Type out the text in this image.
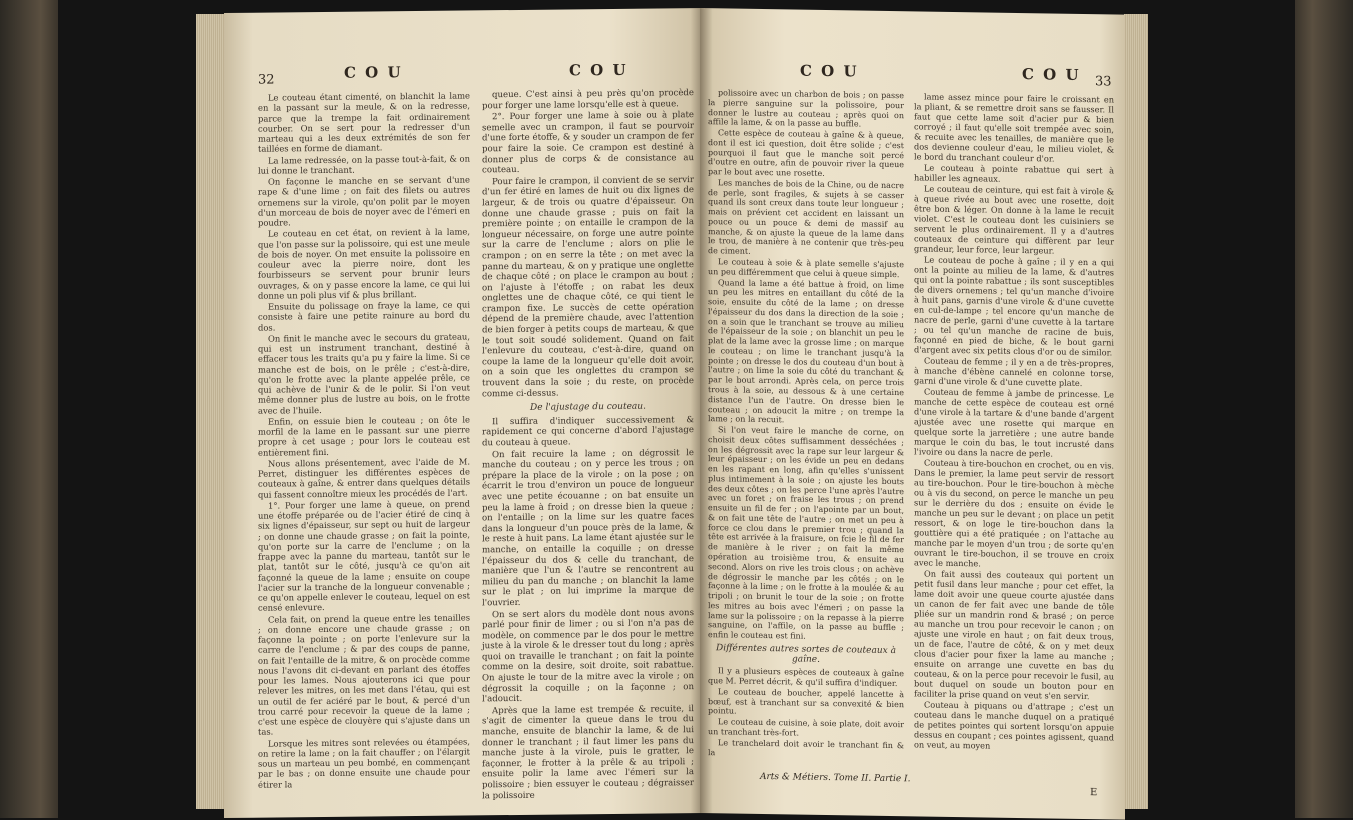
32	C O U	C O U

Le couteau étant cimenté, on blanchit la lame en la passant sur la meule, & on la redresse, parce que la trempe la fait ordinairement courber. On se sert pour la redresser d'un marteau qui a les deux extrémités de son fer taillées en forme de diamant.

La lame redressée, on la passe tout-à-fait, & on lui donne le tranchant.

On façonne le manche en se servant d'une rape & d'une lime ; on fait des filets ou autres ornemens sur la virole, qu'on polit par le moyen d'un morceau de bois de noyer avec de l'émeri en poudre.

Le couteau en cet état, on revient à la lame, que l'on passe sur la polissoire, qui est une meule de bois de noyer. On met ensuite la polissoire en couleur avec la pierre noire, dont les fourbisseurs se servent pour brunir leurs ouvrages, & on y passe encore la lame, ce qui lui donne un poli plus vif & plus brillant.

Ensuite du polissage on fraye la lame, ce qui consiste à faire une petite rainure au bord du dos.

On finit le manche avec le secours du grateau, qui est un instrument tranchant, destiné à effacer tous les traits qu'a pu y faire la lime. Si ce manche est de bois, on le prêle ; c'est-à-dire, qu'on le frotte avec la plante appelée prêle, ce qui achève de l'unir & de le polir. Si l'on veut même donner plus de lustre au bois, on le frotte avec de l'huile.

Enfin, on essuie bien le couteau ; on ôte le morfil de la lame en le passant sur une pierre propre à cet usage ; pour lors le couteau est entièrement fini.

Nous allons présentement, avec l'aide de M. Perret, distinguer les différentes espèces de couteaux à gaîne, & entrer dans quelques détails qui fassent connoître mieux les procédés de l'art.

1°. Pour forger une lame à queue, on prend une étoffe préparée ou de l'acier étiré de cinq à six lignes d'épaisseur, sur sept ou huit de largeur ; on donne une chaude grasse ; on fait la pointe, qu'on porte sur la carre de l'enclume ; on la frappe avec la panne du marteau, tantôt sur le plat, tantôt sur le côté, jusqu'à ce qu'on ait façonné la queue de la lame ; ensuite on coupe l'acier sur la tranche de la longueur convenable ; ce qu'on appelle enlever le couteau, lequel on est censé enlevure.

Cela fait, on prend la queue entre les tenailles ; on donne encore une chaude grasse ; on façonne la pointe ; on porte l'enlevure sur la carre de l'enclume ; & par des coups de panne, on fait l'entaille de la mitre, & on procède comme nous l'avons dit ci-devant en parlant des étoffes pour les lames. Nous ajouterons ici que pour relever les mitres, on les met dans l'étau, qui est un outil de fer aciéré par le bout, & percé d'un trou carré pour recevoir la queue de la lame ; c'est une espèce de clouyère qui s'ajuste dans un tas.

Lorsque les mitres sont relevées ou étampées, on retire la lame ; on la fait chauffer ; on l'élargit sous un marteau un peu bombé, en commençant par le bas ; on donne ensuite une chaude pour étirer la

queue. C'est ainsi à peu près qu'on procède pour forger une lame lorsqu'elle est à queue.

2°. Pour forger une lame à soie ou à plate semelle avec un crampon, il faut se pourvoir d'une forte étoffe, & y souder un crampon de fer pour faire la soie. Ce crampon est destiné à donner plus de corps & de consistance au couteau.

Pour faire le crampon, il convient de se servir d'un fer étiré en lames de huit ou dix lignes de largeur, & de trois ou quatre d'épaisseur. On donne une chaude grasse ; puis on fait la première pointe ; on entaille le crampon de la longueur nécessaire, on forge une autre pointe sur la carre de l'enclume ; alors on plie le crampon ; on en serre la tête ; on met avec la panne du marteau, & on y pratique une onglette de chaque côté ; on place le crampon au bout ; on l'ajuste à l'étoffe ; on rabat les deux onglettes une de chaque côté, ce qui tient le crampon fixe. Le succès de cette opération dépend de la première chaude, avec l'attention de bien forger à petits coups de marteau, & que le tout soit soudé solidement. Quand on fait l'enlevure du couteau, c'est-à-dire, quand on coupe la lame de la longueur qu'elle doit avoir, on a soin que les onglettes du crampon se trouvent dans la soie ; du reste, on procède comme ci-dessus.

De l'ajustage du couteau.

Il suffira d'indiquer successivement & rapidement ce qui concerne d'abord l'ajustage du couteau à queue.

On fait recuire la lame ; on dégrossit le manche du couteau ; on y perce les trous ; on prépare la place de la virole ; on la pose ; on écarrit le trou d'environ un pouce de longueur avec une petite écouanne ; on bat ensuite un peu la lame à froid ; on dresse bien la queue ; on l'entaille ; on la lime sur les quatre faces dans la longueur d'un pouce près de la lame, & le reste à huit pans. La lame étant ajustée sur le manche, on entaille la coquille ; on dresse l'épaisseur du dos & celle du tranchant, de manière que l'un & l'autre se rencontrent au milieu du pan du manche ; on blanchit la lame sur le plat ; on lui imprime la marque de l'ouvrier.

On se sert alors du modèle dont nous avons parlé pour finir de limer ; ou si l'on n'a pas de modèle, on commence par le dos pour le mettre juste à la virole & le dresser tout du long ; après quoi on travaille le tranchant ; on fait la pointe comme on la desire, soit droite, soit rabattue. On ajuste le tour de la mitre avec la virole ; on dégrossit la coquille ; on la façonne ; on l'adoucit.

Après que la lame est trempée & recuite, il s'agit de cimenter la queue dans le trou du manche, ensuite de blanchir la lame, & de lui donner le tranchant ; il faut limer les pans du manche juste à la virole, puis le gratter, le façonner, le frotter à la prêle & au tripoli ; ensuite polir la lame avec l'émeri sur la polissoire ; bien essuyer le couteau ; dégraisser la polissoire

C O U	C O U 33

polissoire avec un charbon de bois ; on passe la pierre sanguine sur la polissoire, pour donner le lustre au couteau ; après quoi on affile la lame, & on la passe au buffle.

Cette espèce de couteau à gaîne & à queue, dont il est ici question, doit être solide ; c'est pourquoi il faut que le manche soit percé d'outre en outre, afin de pouvoir river la queue par le bout avec une rosette.

Les manches de bois de la Chine, ou de nacre de perle, sont fragiles, & sujets à se casser quand ils sont creux dans toute leur longueur ; mais on prévient cet accident en laissant un pouce ou un pouce & demi de massif au manche, & on ajuste la queue de la lame dans le trou, de manière à ne contenir que très-peu de ciment.

Le couteau à soie & à plate semelle s'ajuste un peu différemment que celui à queue simple.

Quand la lame a été battue à froid, on lime un peu les mitres en entaillant du côté de la soie, ensuite du côté de la lame ; on dresse l'épaisseur du dos dans la direction de la soie ; on a soin que le tranchant se trouve au milieu de l'épaisseur de la soie ; on blanchit un peu le plat de la lame avec la grosse lime ; on marque le couteau ; on lime le tranchant jusqu'à la pointe ; on dresse le dos du couteau d'un bout à l'autre ; on lime la soie du côté du tranchant & par le bout arrondi. Après cela, on perce trois trous à la soie, au dessous & à une certaine distance l'un de l'autre. On dresse bien le couteau ; on adoucit la mitre ; on trempe la lame ; on la recuit.

Si l'on veut faire le manche de corne, on choisit deux côtes suffisamment desséchées ; on les dégrossit avec la rape sur leur largeur & leur épaisseur ; on les évide un peu en dedans en les rapant en long, afin qu'elles s'unissent plus intimement à la soie ; on ajuste les bouts des deux côtes ; on les perce l'une après l'autre avec un foret ; on fraise les trous ; on prend ensuite un fil de fer ; on l'apointe par un bout, & on fait une tête de l'autre ; on met un peu à force ce clou dans le premier trou ; quand la tête est arrivée à la fraisure, on fcie le fil de fer de manière à le river ; on fait la même opération au troisième trou, & ensuite au second. Alors on rive les trois clous ; on achève de dégrossir le manche par les côtés ; on le façonne à la lime ; on le frotte à la moulée & au tripoli ; on brunit le tour de la soie ; on frotte les mitres au bois avec l'émeri ; on passe la lame sur la polissoire ; on la repasse à la pierre sanguine, on l'affile, on la passe au buffle ; enfin le couteau est fini.

Différentes autres sortes de couteaux à gaîne.

Il y a plusieurs espèces de couteaux à gaîne que M. Perret décrit, & qu'il suffira d'indiquer.

Le couteau de boucher, appelé lancette à bœuf, est à tranchant sur sa convexité & bien pointu.

Le couteau de cuisine, à soie plate, doit avoir un tranchant très-fort.

Le tranchelard doit avoir le tranchant fin & la

lame assez mince pour faire le croissant en la pliant, & se remettre droit sans se fausser. Il faut que cette lame soit d'acier pur & bien corroyé ; il faut qu'elle soit trempée avec soin, & recuite avec les tenailles, de manière que le dos devienne couleur d'eau, le milieu violet, & le bord du tranchant couleur d'or.

Le couteau à pointe rabattue qui sert à habiller les agneaux.

Le couteau de ceinture, qui est fait à virole & à queue rivée au bout avec une rosette, doit être bon & léger. On donne à la lame le recuit violet. C'est le couteau dont les cuisiniers se servent le plus ordinairement. Il y a d'autres couteaux de ceinture qui diffèrent par leur grandeur, leur force, leur largeur.

Le couteau de poche à gaîne ; il y en a qui ont la pointe au milieu de la lame, & d'autres qui ont la pointe rabattue ; ils sont susceptibles de divers ornemens ; tel qu'un manche d'ivoire à huit pans, garnis d'une virole & d'une cuvette en cul-de-lampe ; tel encore qu'un manche de nacre de perle, garni d'une cuvette à la tartare ; ou tel qu'un manche de racine de buis, façonné en pied de biche, & le bout garni d'argent avec six petits clous d'or ou de similor.

Couteau de femme ; il y en a de très-propres, à manche d'ébène cannelé en colonne torse, garni d'une virole & d'une cuvette plate.

Couteau de femme à jambe de princesse. Le manche de cette espèce de couteau est orné d'une virole à la tartare & d'une bande d'argent ajustée avec une rosette qui marque en quelque sorte la jarretière ; une autre bande marque le coin du bas, le tout incrusté dans l'ivoire ou dans la nacre de perle.

Couteau à tire-bouchon en crochet, ou en vis. Dans le premier, la lame peut servir de ressort au tire-bouchon. Pour le tire-bouchon à mèche ou à vis du second, on perce le manche un peu sur le derrière du dos ; ensuite on évide le manche un peu sur le devant ; on place un petit ressort, & on loge le tire-bouchon dans la gouttière qui a été pratiquée ; on l'attache au manche par le moyen d'un trou ; de sorte qu'en ouvrant le tire-bouchon, il se trouve en croix avec le manche.

On fait aussi des couteaux qui portent un petit fusil dans leur manche ; pour cet effet, la lame doit avoir une queue courte ajustée dans un canon de fer fait avec une bande de tôle pliée sur un mandrin rond & brasé ; on perce au manche un trou pour recevoir le canon ; on ajuste une virole en haut ; on fait deux trous, un de face, l'autre de côté, & on y met deux clous d'acier pour fixer la lame au manche ; ensuite on arrange une cuvette en bas du couteau, & on la perce pour recevoir le fusil, au bout duquel on soude un bouton pour en faciliter la prise quand on veut s'en servir.

Couteau à piquans ou d'attrape ; c'est un couteau dans le manche duquel on a pratiqué de petites pointes qui sortent lorsqu'on appuie dessus en coupant ; ces pointes agissent, quand on veut, au moyen

Arts & Métiers. Tome II. Partie I.
E
